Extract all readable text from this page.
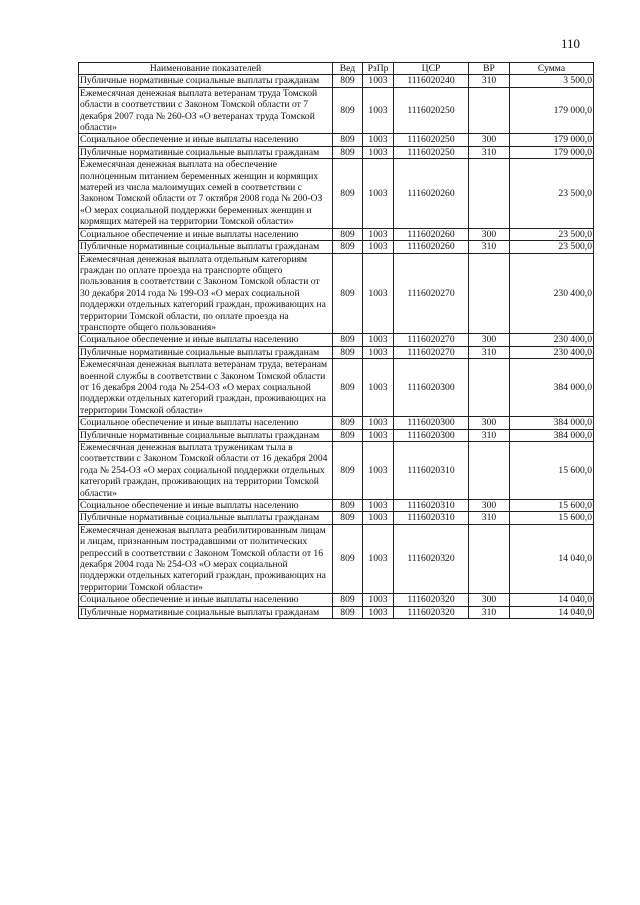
110
Наименование показателей	Вед	РзПр	ЦСР	ВР	Сумма
Публичные нормативные социальные выплаты гражданам	809	1003	1116020240	310	3 500,0
Ежемесячная денежная выплата ветеранам труда Томской области в соответствии с Законом Томской области от 7 декабря 2007 года № 260-ОЗ «О ветеранах труда Томской области»	809	1003	1116020250		179 000,0
Социальное обеспечение и иные выплаты населению	809	1003	1116020250	300	179 000,0
Публичные нормативные социальные выплаты гражданам	809	1003	1116020250	310	179 000,0
Ежемесячная денежная выплата на обеспечение полноценным питанием беременных женщин и кормящих матерей из числа малоимущих семей в соответствии с Законом Томской области от 7 октября 2008 года № 200-ОЗ «О мерах социальной поддержки беременных женщин и кормящих матерей на территории Томской области»	809	1003	1116020260		23 500,0
Социальное обеспечение и иные выплаты населению	809	1003	1116020260	300	23 500,0
Публичные нормативные социальные выплаты гражданам	809	1003	1116020260	310	23 500,0
Ежемесячная денежная выплата отдельным категориям граждан по оплате проезда на транспорте общего пользования в соответствии с Законом Томской области от 30 декабря 2014 года № 199-ОЗ «О мерах социальной поддержки отдельных категорий граждан, проживающих на территории Томской области, по оплате проезда на транспорте общего пользования»	809	1003	1116020270		230 400,0
Социальное обеспечение и иные выплаты населению	809	1003	1116020270	300	230 400,0
Публичные нормативные социальные выплаты гражданам	809	1003	1116020270	310	230 400,0
Ежемесячная денежная выплата ветеранам труда, ветеранам военной службы в соответствии с Законом Томской области от 16 декабря 2004 года № 254-ОЗ «О мерах социальной поддержки отдельных категорий граждан, проживающих на территории Томской области»	809	1003	1116020300		384 000,0
Социальное обеспечение и иные выплаты населению	809	1003	1116020300	300	384 000,0
Публичные нормативные социальные выплаты гражданам	809	1003	1116020300	310	384 000,0
Ежемесячная денежная выплата труженикам тыла в соответствии с Законом Томской области от 16 декабря 2004 года № 254-ОЗ «О мерах социальной поддержки отдельных категорий граждан, проживающих на территории Томской области»	809	1003	1116020310		15 600,0
Социальное обеспечение и иные выплаты населению	809	1003	1116020310	300	15 600,0
Публичные нормативные социальные выплаты гражданам	809	1003	1116020310	310	15 600,0
Ежемесячная денежная выплата реабилитированным лицам и лицам, признанным пострадавшими от политических репрессий в соответствии с Законом Томской области от 16 декабря 2004 года № 254-ОЗ «О мерах социальной поддержки отдельных категорий граждан, проживающих на территории Томской области»	809	1003	1116020320		14 040,0
Социальное обеспечение и иные выплаты населению	809	1003	1116020320	300	14 040,0
Публичные нормативные социальные выплаты гражданам	809	1003	1116020320	310	14 040,0
